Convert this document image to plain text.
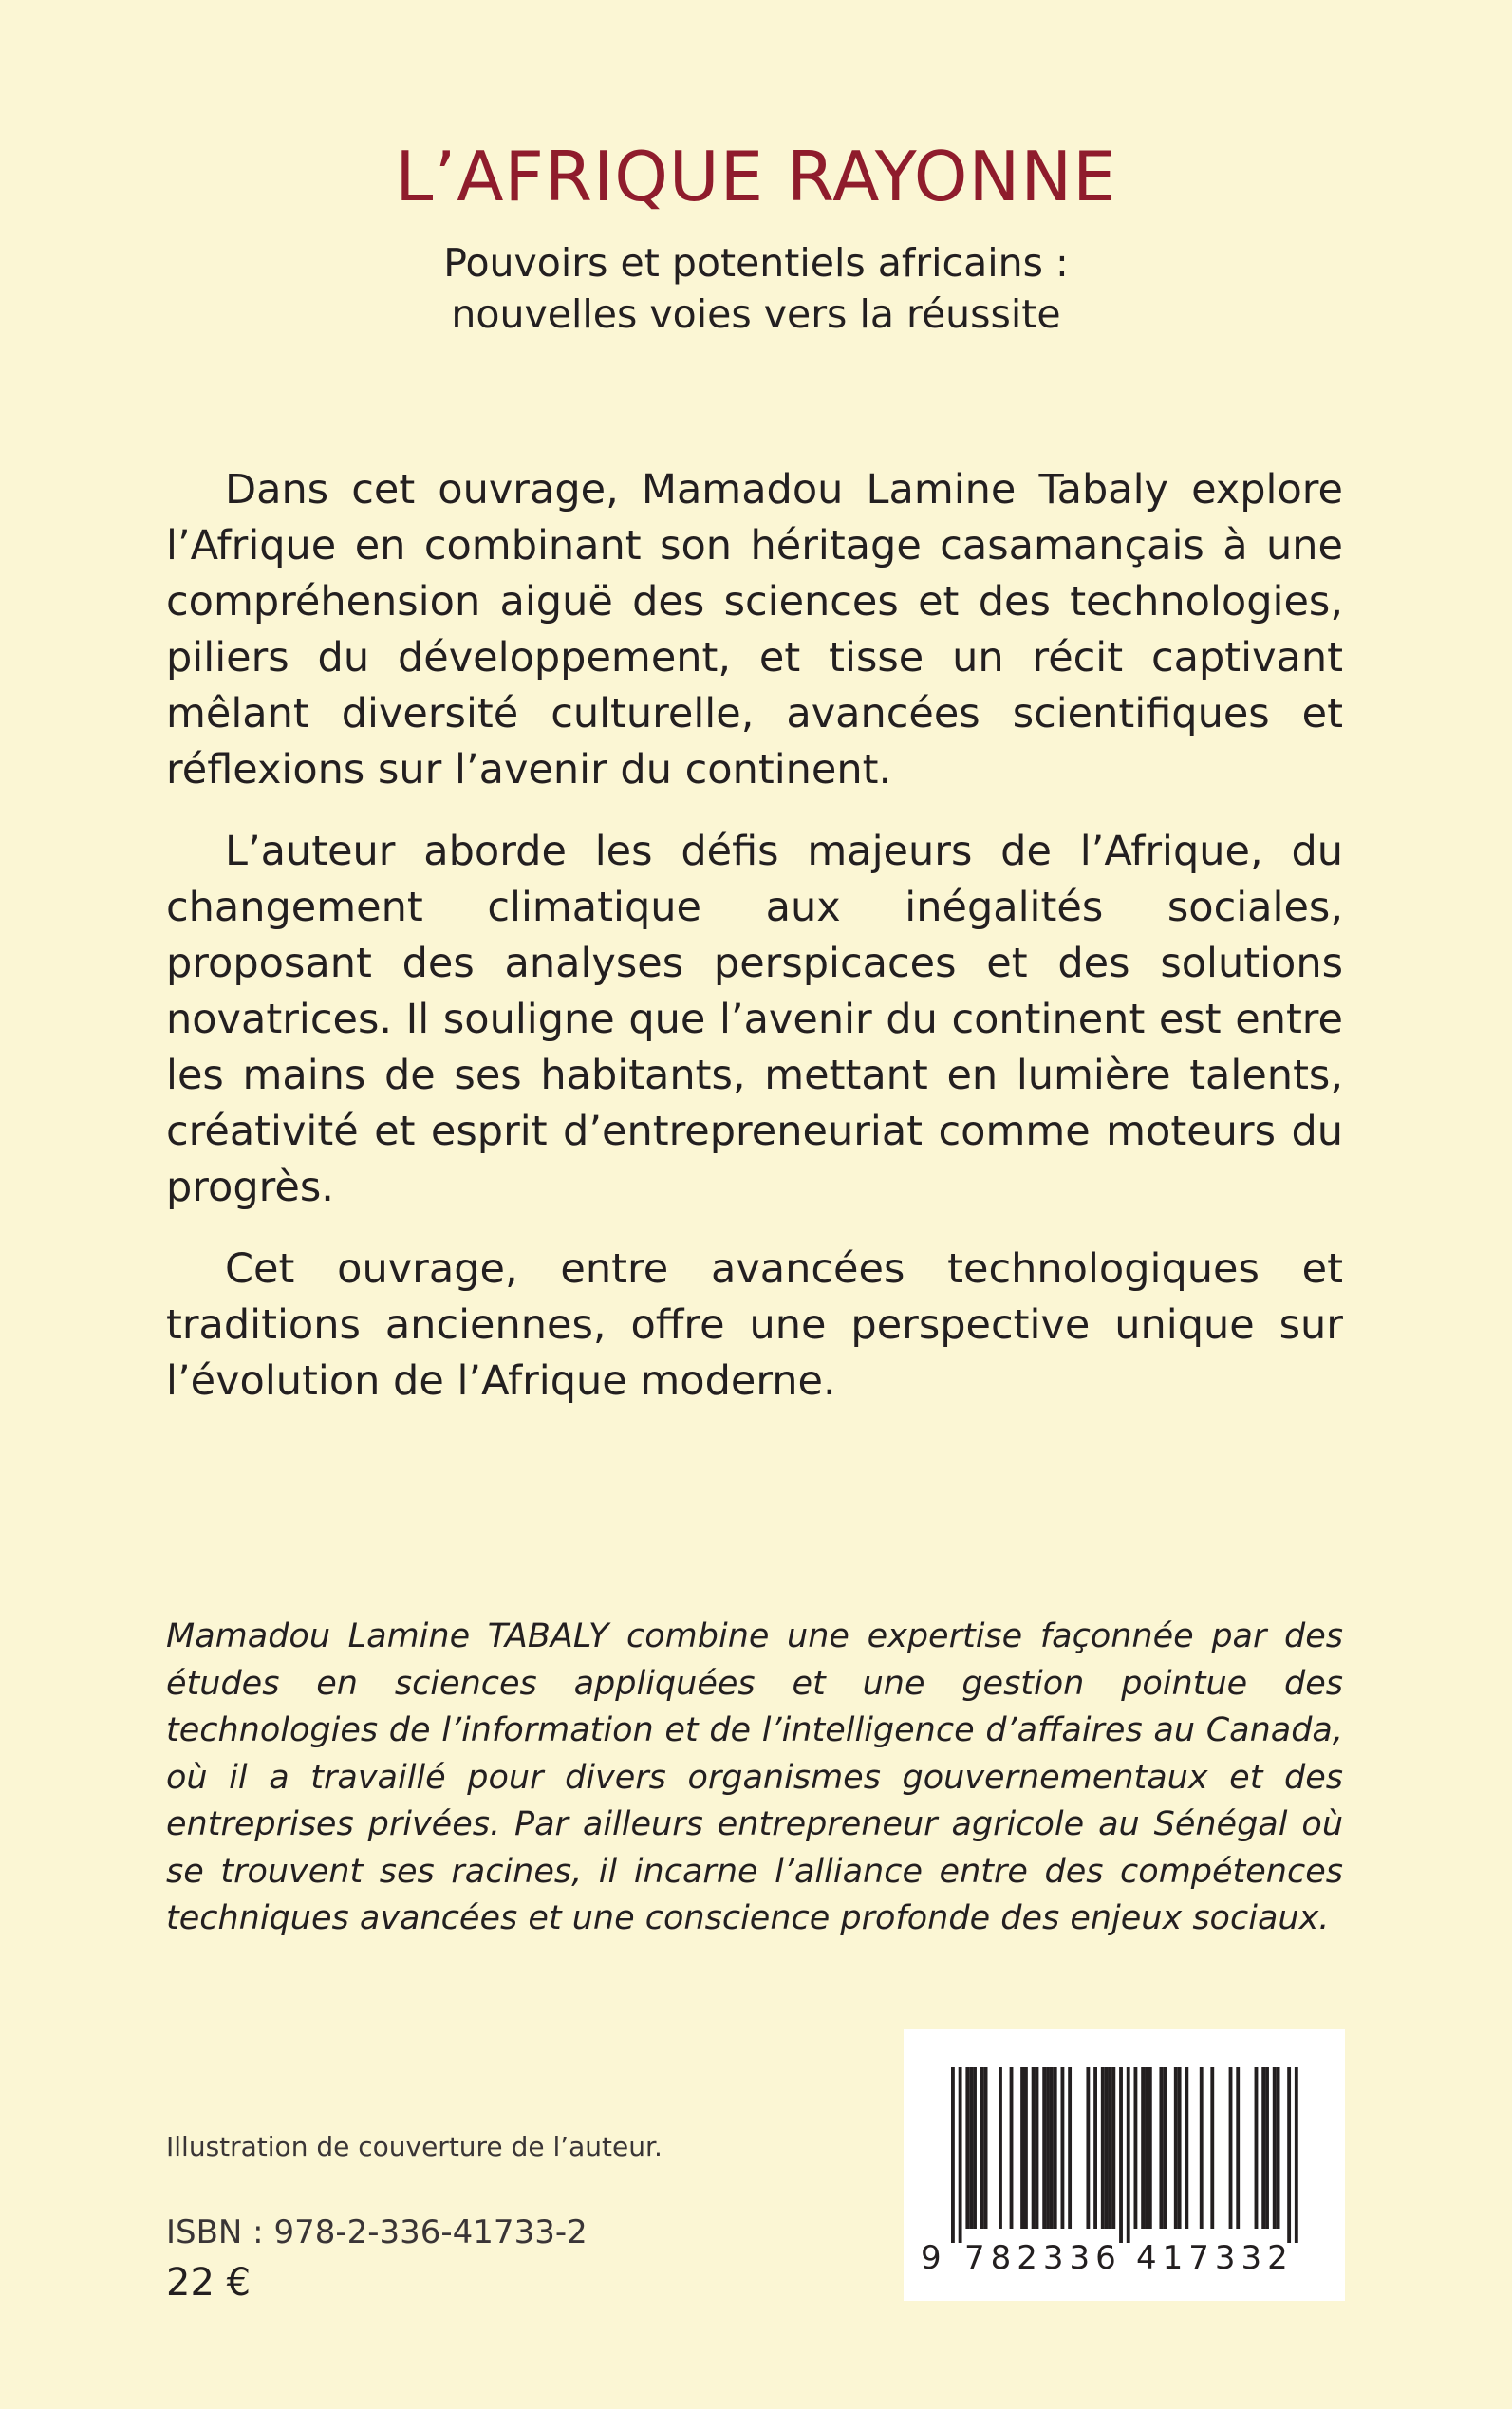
L’AFRIQUE RAYONNE
Pouvoirs et potentiels africains :
nouvelles voies vers la réussite

Dans cet ouvrage, Mamadou Lamine Tabaly explore l’Afrique en combinant son héritage casamançais à une compréhension aiguë des sciences et des technologies, piliers du développement, et tisse un récit captivant mêlant diversité culturelle, avancées scientifiques et réflexions sur l’avenir du continent.

L’auteur aborde les défis majeurs de l’Afrique, du changement climatique aux inégalités sociales, proposant des analyses perspicaces et des solutions novatrices. Il souligne que l’avenir du continent est entre les mains de ses habitants, mettant en lumière talents, créativité et esprit d’entrepreneuriat comme moteurs du progrès.

Cet ouvrage, entre avancées technologiques et traditions anciennes, offre une perspective unique sur l’évolution de l’Afrique moderne.

Mamadou Lamine TABALY combine une expertise façonnée par des études en sciences appliquées et une gestion pointue des technologies de l’information et de l’intelligence d’affaires au Canada, où il a travaillé pour divers organismes gouvernementaux et des entreprises privées. Par ailleurs entrepreneur agricole au Sénégal où se trouvent ses racines, il incarne l’alliance entre des compétences techniques avancées et une conscience profonde des enjeux sociaux.
Illustration de couverture de l’auteur.
ISBN : 978-2-336-41733-2
22 €
9 782336 417332
